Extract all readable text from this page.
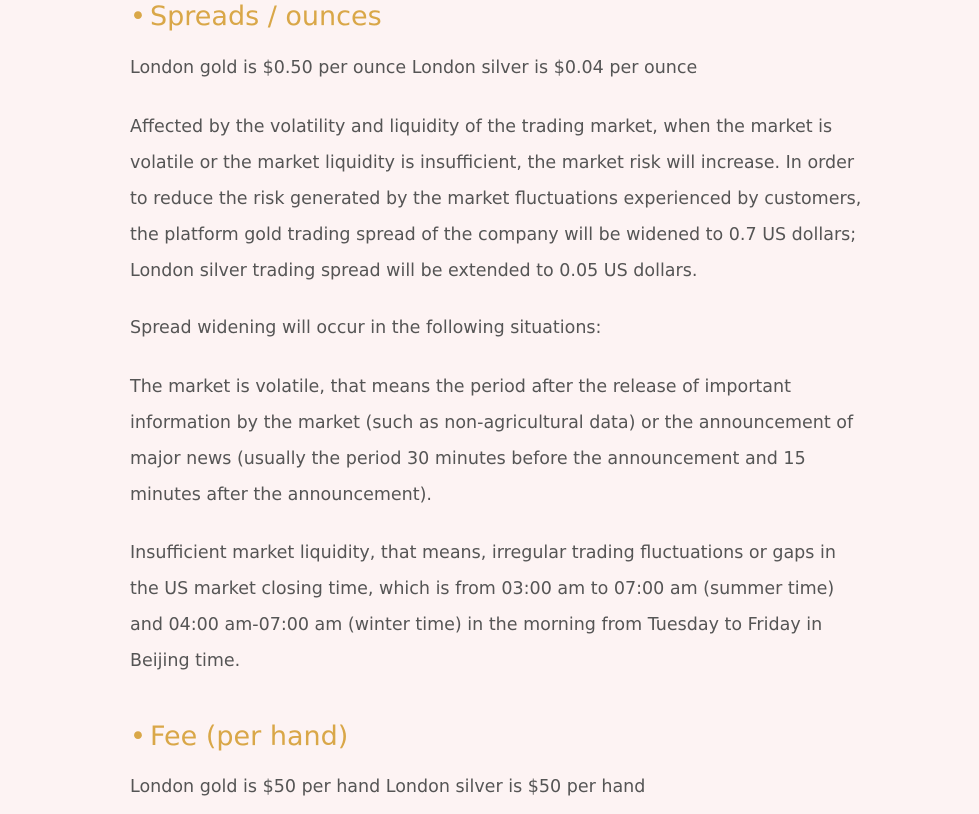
• Spreads / ounces

London gold is $0.50 per ounce London silver is $0.04 per ounce

Affected by the volatility and liquidity of the trading market, when the market is volatile or the market liquidity is insufficient, the market risk will increase. In order to reduce the risk generated by the market fluctuations experienced by customers, the platform gold trading spread of the company will be widened to 0.7 US dollars; London silver trading spread will be extended to 0.05 US dollars.

Spread widening will occur in the following situations:

The market is volatile, that means the period after the release of important information by the market (such as non-agricultural data) or the announcement of major news (usually the period 30 minutes before the announcement and 15 minutes after the announcement).

Insufficient market liquidity, that means, irregular trading fluctuations or gaps in the US market closing time, which is from 03:00 am to 07:00 am (summer time) and 04:00 am-07:00 am (winter time) in the morning from Tuesday to Friday in Beijing time.

• Fee (per hand)

London gold is $50 per hand London silver is $50 per hand
